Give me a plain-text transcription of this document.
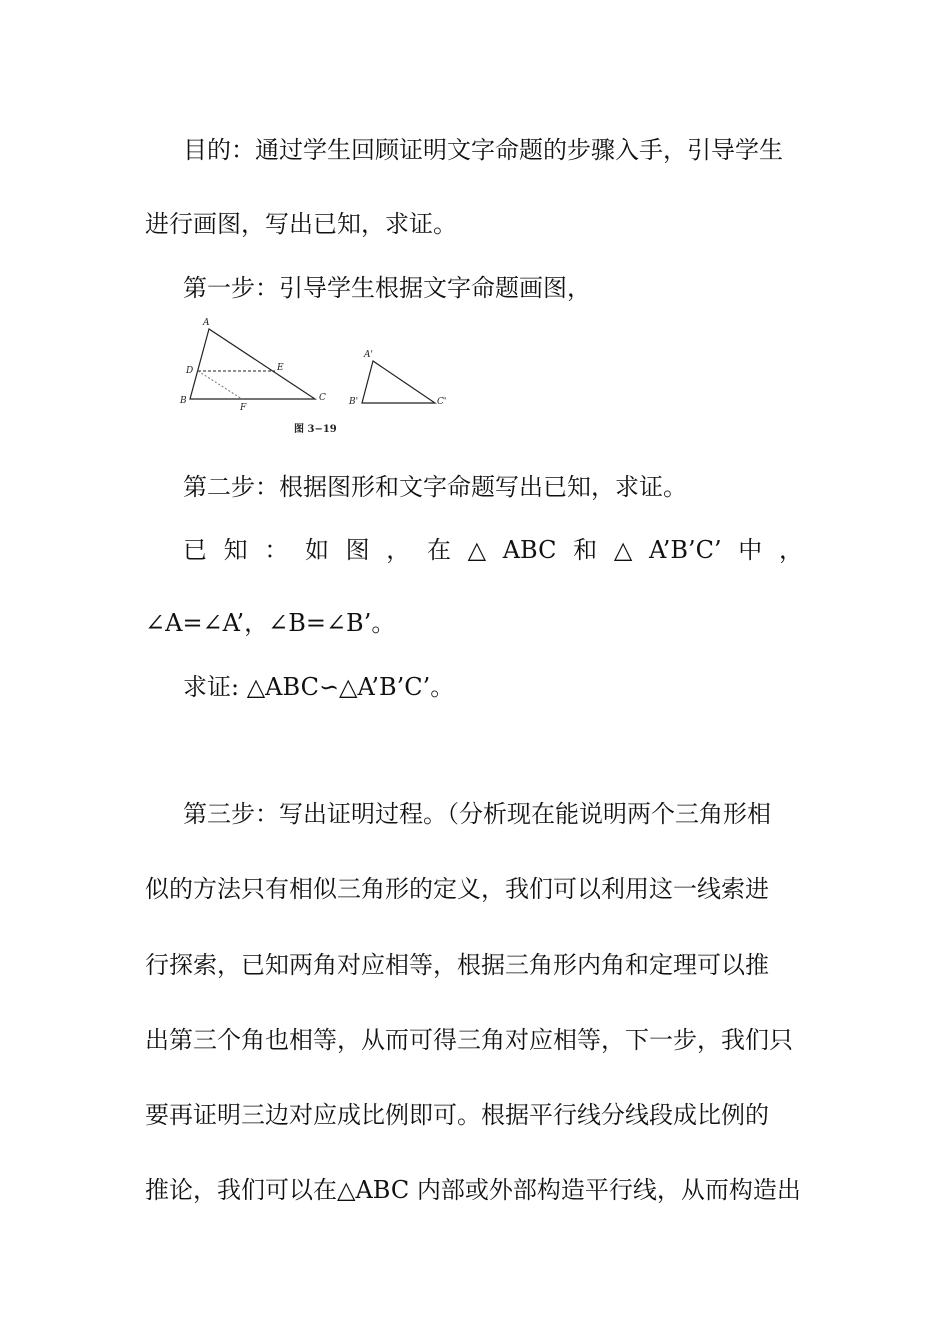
目的：通过学生回顾证明文字命题的步骤入手，引导学生
进行画图，写出已知，求证。
第一步：引导学生根据文字命题画图，
A
D	E
B
F
C
A'
B'	C'
图 3−19
第二步：根据图形和文字命题写出已知，求证。
已 知 ： 如 图 ， 在 △ ABC 和 △ A’B’C’ 中 ，
∠A=∠A’，∠B=∠B’。
求证: △ABC∽△A’B’C’。
第三步：写出证明过程。（分析现在能说明两个三角形相
似的方法只有相似三角形的定义，我们可以利用这一线索进
行探索，已知两角对应相等，根据三角形内角和定理可以推
出第三个角也相等，从而可得三角对应相等，下一步，我们只
要再证明三边对应成比例即可。根据平行线分线段成比例的
推论，我们可以在△ABC 内部或外部构造平行线，从而构造出
